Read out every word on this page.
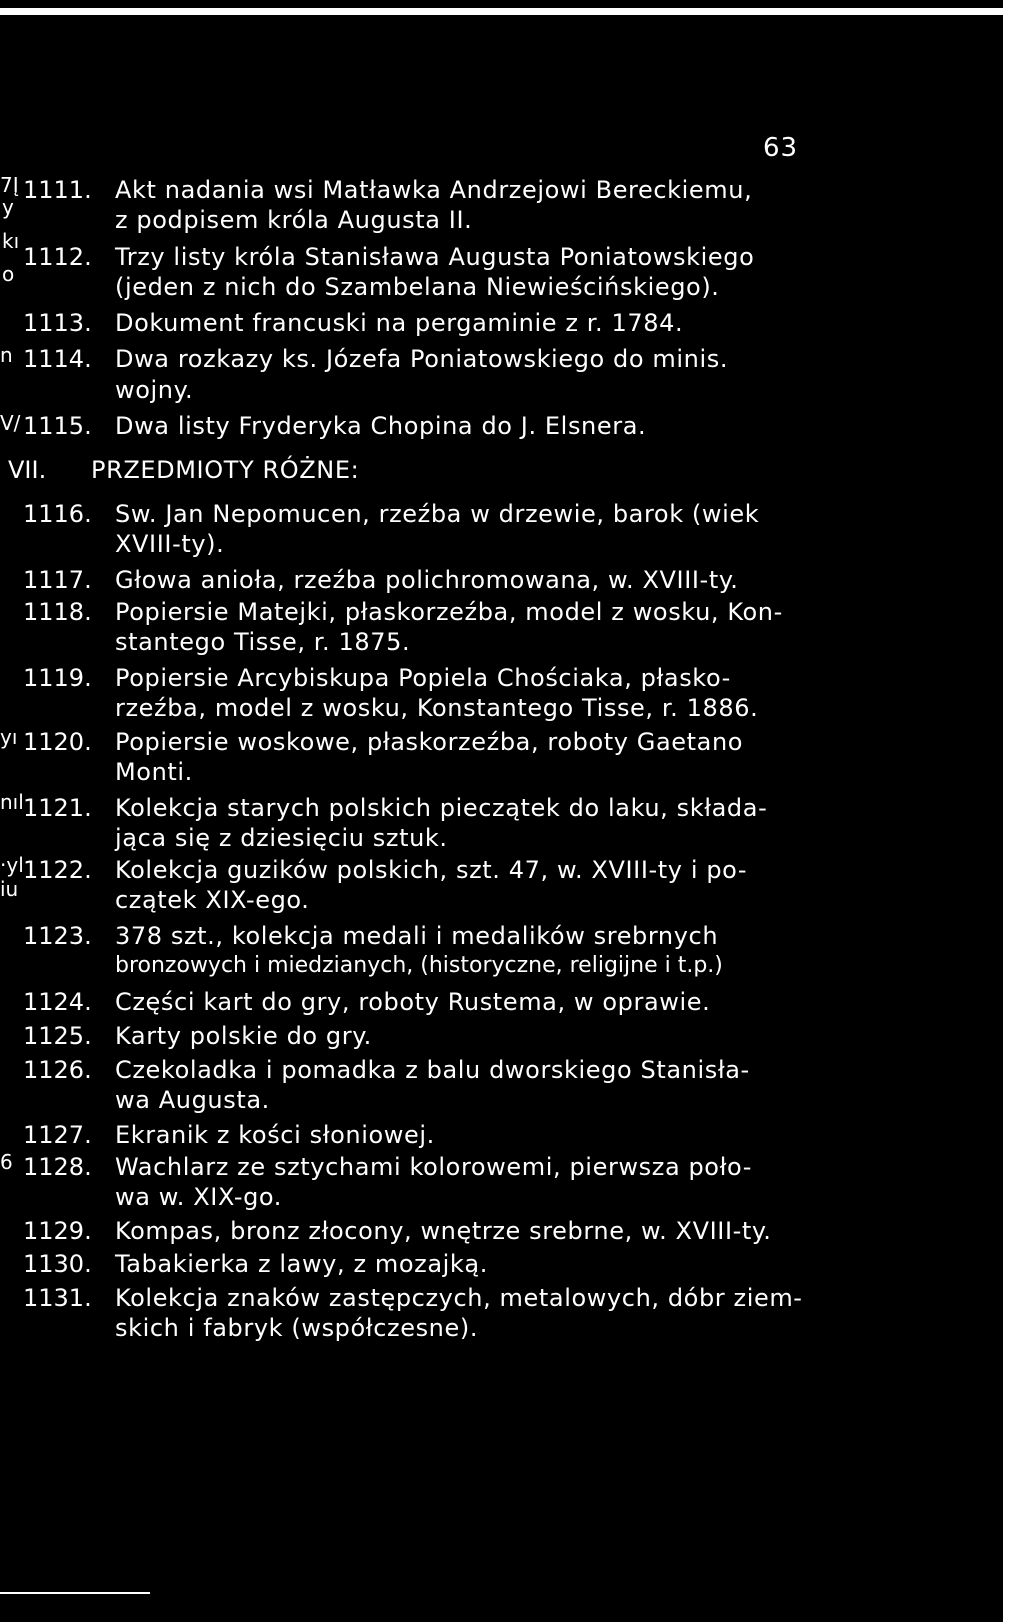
63
7Į
y
kı
o
n
V/
yı
nıl
·yl
iu
6
VII. PRZEDMIOTY RÓŻNE:
1111. Akt nadania wsi Matławka Andrzejowi Bereckiemu,
z podpisem króla Augusta II.
1112. Trzy listy króla Stanisława Augusta Poniatowskiego
(jeden z nich do Szambelana Niewieścińskiego).
1113. Dokument francuski na pergaminie z r. 1784.
1114. Dwa rozkazy ks. Józefa Poniatowskiego do minis.
wojny.
1115. Dwa listy Fryderyka Chopina do J. Elsnera.
1116. Sw. Jan Nepomucen, rzeźba w drzewie, barok (wiek
XVIII-ty).
1117. Głowa anioła, rzeźba polichromowana, w. XVIII-ty.
1118. Popiersie Matejki, płaskorzeźba, model z wosku, Kon-
stantego Tisse, r. 1875.
1119. Popiersie Arcybiskupa Popiela Chościaka, płasko-
rzeźba, model z wosku, Konstantego Tisse, r. 1886.
1120. Popiersie woskowe, płaskorzeźba, roboty Gaetano
Monti.
1121. Kolekcja starych polskich pieczątek do laku, składa-
jąca się z dziesięciu sztuk.
1122. Kolekcja guzików polskich, szt. 47, w. XVIII-ty i po-
czątek XIX-ego.
1123. 378 szt., kolekcja medali i medalików srebrnych
bronzowych i miedzianych, (historyczne, religijne i t.p.)
1124. Części kart do gry, roboty Rustema, w oprawie.
1125. Karty polskie do gry.
1126. Czekoladka i pomadka z balu dworskiego Stanisła-
wa Augusta.
1127. Ekranik z kości słoniowej.
1128. Wachlarz ze sztychami kolorowemi, pierwsza poło-
wa w. XIX-go.
1129. Kompas, bronz złocony, wnętrze srebrne, w. XVIII-ty.
1130. Tabakierka z lawy, z mozajką.
1131. Kolekcja znaków zastępczych, metalowych, dóbr ziem-
skich i fabryk (współczesne).
